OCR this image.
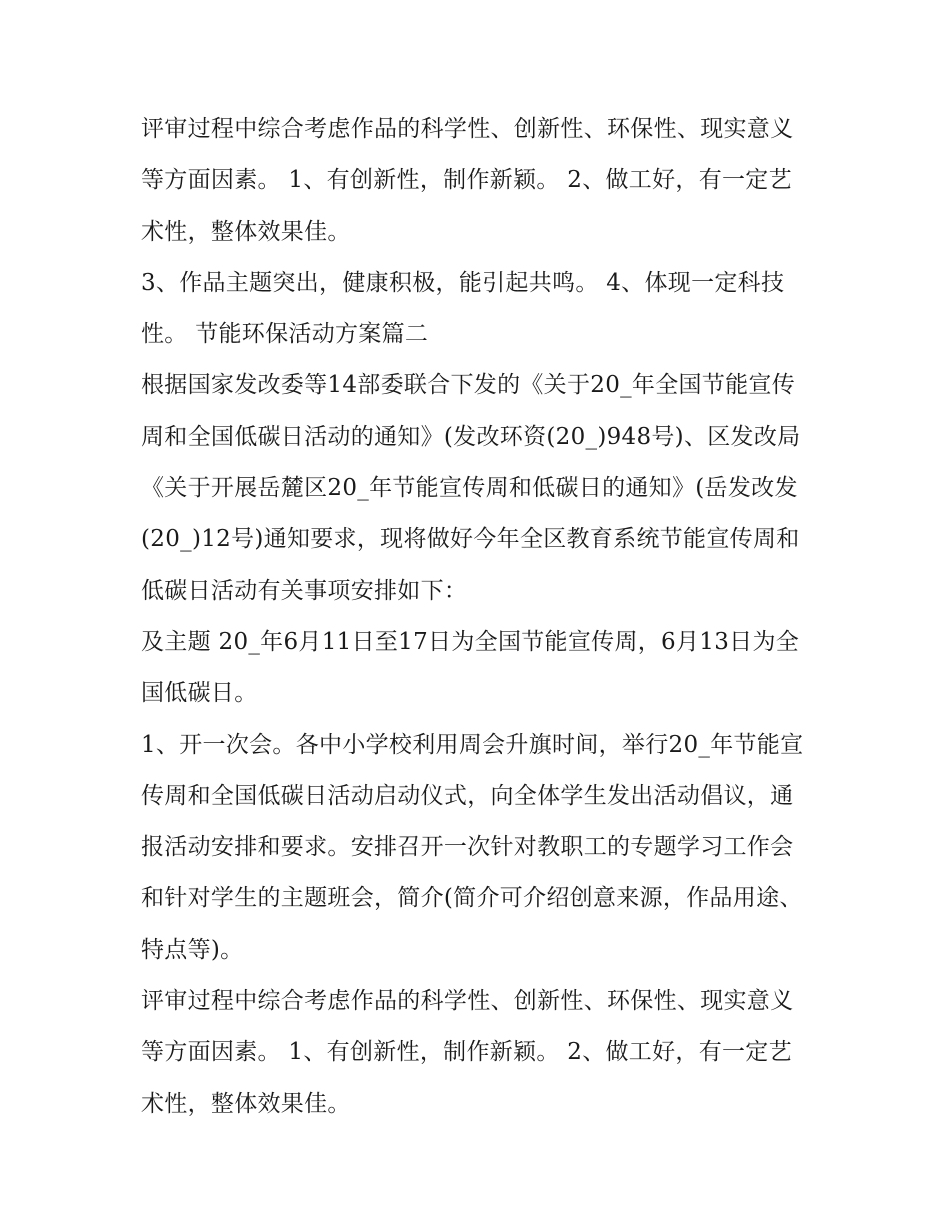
评审过程中综合考虑作品的科学性、创新性、环保性、现实意义等方面因素。 1、有创新性，制作新颖。 2、做工好，有一定艺术性，整体效果佳。

3、作品主题突出，健康积极，能引起共鸣。 4、体现一定科技性。 节能环保活动方案篇二

根据国家发改委等14部委联合下发的《关于20_年全国节能宣传周和全国低碳日活动的通知》(发改环资(20_)948号)、区发改局《关于开展岳麓区20_年节能宣传周和低碳日的通知》(岳发改发(20_)12号)通知要求，现将做好今年全区教育系统节能宣传周和低碳日活动有关事项安排如下：

及主题 20_年6月11日至17日为全国节能宣传周，6月13日为全国低碳日。

1、开一次会。各中小学校利用周会升旗时间，举行20_年节能宣传周和全国低碳日活动启动仪式，向全体学生发出活动倡议，通报活动安排和要求。安排召开一次针对教职工的专题学习工作会和针对学生的主题班会，简介(简介可介绍创意来源，作品用途、特点等)。

评审过程中综合考虑作品的科学性、创新性、环保性、现实意义等方面因素。 1、有创新性，制作新颖。 2、做工好，有一定艺术性，整体效果佳。
